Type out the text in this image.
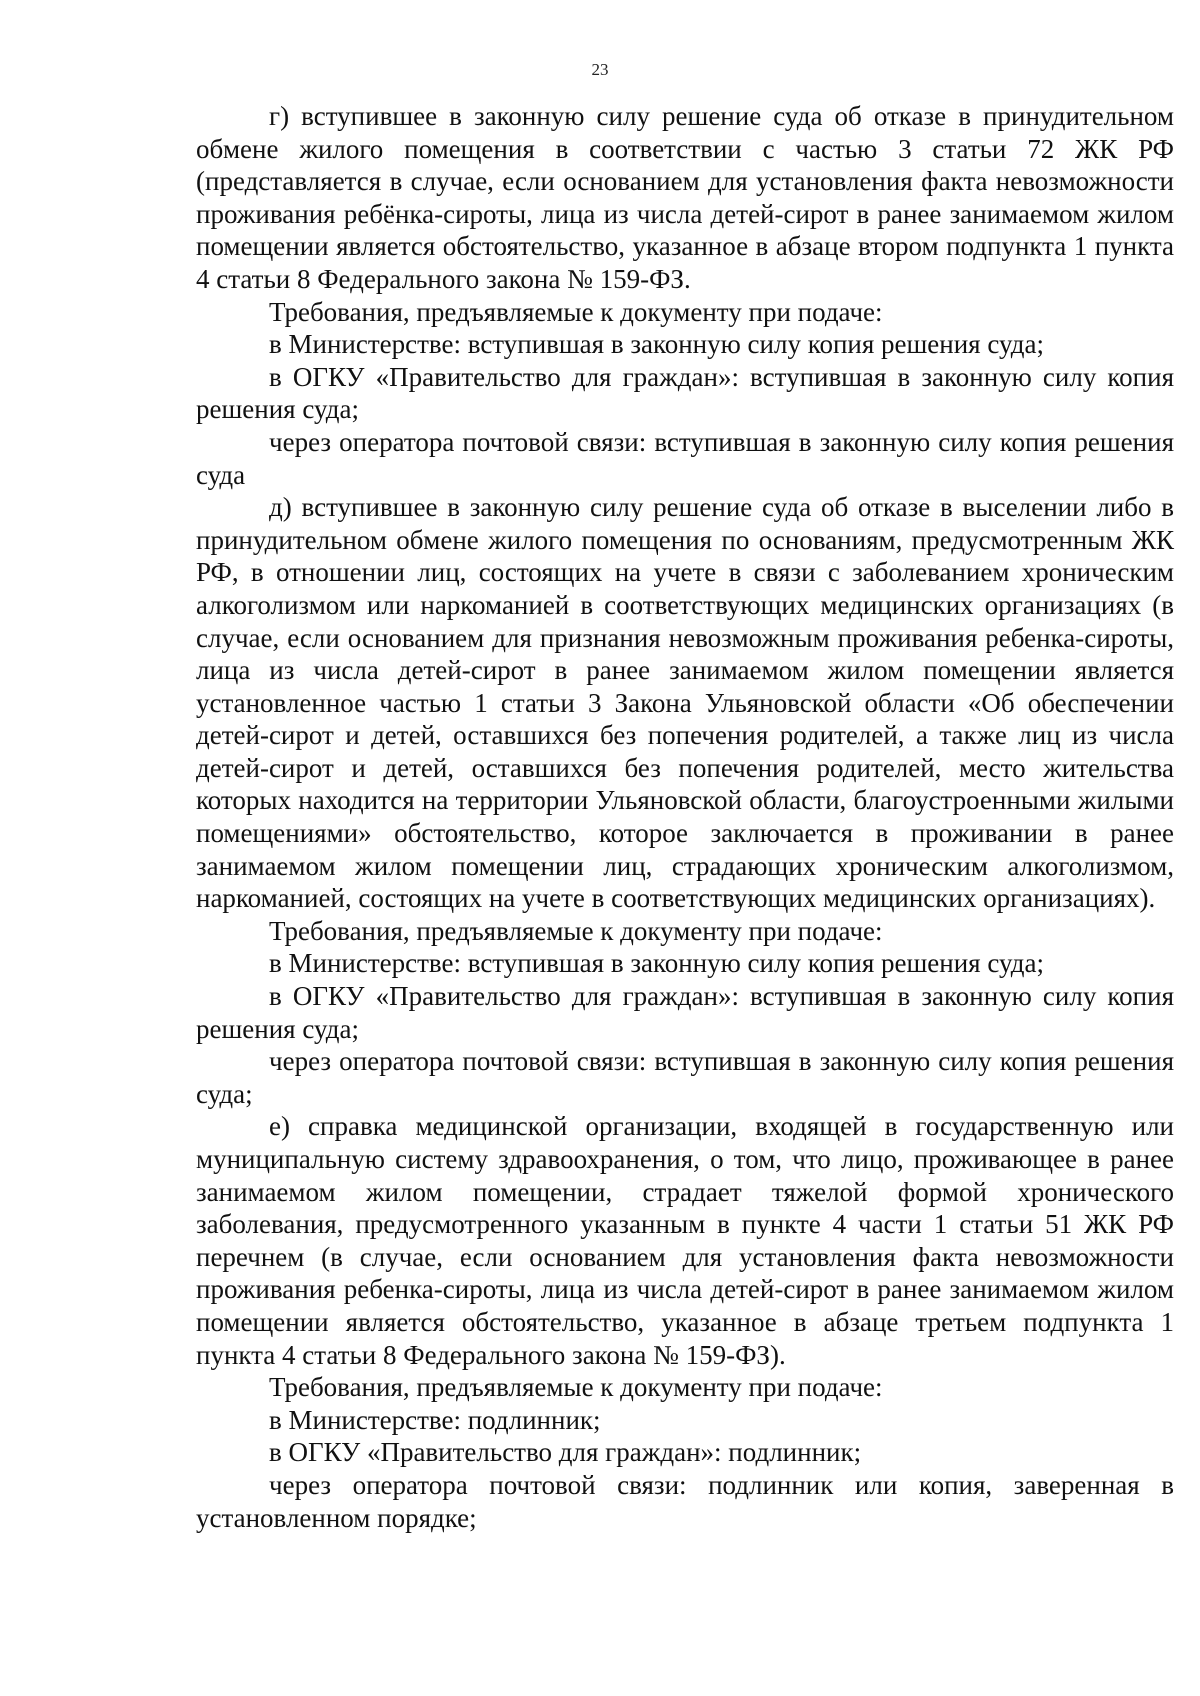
23

г) вступившее в законную силу решение суда об отказе в принудительном обмене жилого помещения в соответствии с частью 3 статьи 72 ЖК РФ (представляется в случае, если основанием для установления факта невозможности проживания ребёнка-сироты, лица из числа детей-сирот в ранее занимаемом жилом помещении является обстоятельство, указанное в абзаце втором подпункта 1 пункта 4 статьи 8 Федерального закона № 159-ФЗ.

Требования, предъявляемые к документу при подаче:

в Министерстве: вступившая в законную силу копия решения суда;

в ОГКУ «Правительство для граждан»: вступившая в законную силу копия решения суда;

через оператора почтовой связи: вступившая в законную силу копия решения суда

д) вступившее в законную силу решение суда об отказе в выселении либо в принудительном обмене жилого помещения по основаниям, предусмотренным ЖК РФ, в отношении лиц, состоящих на учете в связи с заболеванием хроническим алкоголизмом или наркоманией в соответствующих медицинских организациях (в случае, если основанием для признания невозможным проживания ребенка-сироты, лица из числа детей-сирот в ранее занимаемом жилом помещении является установленное частью 1 статьи 3 Закона Ульяновской области «Об обеспечении детей-сирот и детей, оставшихся без попечения родителей, а также лиц из числа детей-сирот и детей, оставшихся без попечения родителей, место жительства которых находится на территории Ульяновской области, благоустроенными жилыми помещениями» обстоятельство, которое заключается в проживании в ранее занимаемом жилом помещении лиц, страдающих хроническим алкоголизмом, наркоманией, состоящих на учете в соответствующих медицинских организациях).

Требования, предъявляемые к документу при подаче:

в Министерстве: вступившая в законную силу копия решения суда;

в ОГКУ «Правительство для граждан»: вступившая в законную силу копия решения суда;

через оператора почтовой связи: вступившая в законную силу копия решения суда;

е) справка медицинской организации, входящей в государственную или муниципальную систему здравоохранения, о том, что лицо, проживающее в ранее занимаемом жилом помещении, страдает тяжелой формой хронического заболевания, предусмотренного указанным в пункте 4 части 1 статьи 51 ЖК РФ перечнем (в случае, если основанием для установления факта невозможности проживания ребенка-сироты, лица из числа детей-сирот в ранее занимаемом жилом помещении является обстоятельство, указанное в абзаце третьем подпункта 1 пункта 4 статьи 8 Федерального закона № 159-ФЗ).

Требования, предъявляемые к документу при подаче:

в Министерстве: подлинник;

в ОГКУ «Правительство для граждан»: подлинник;

через оператора почтовой связи: подлинник или копия, заверенная в установленном порядке;
